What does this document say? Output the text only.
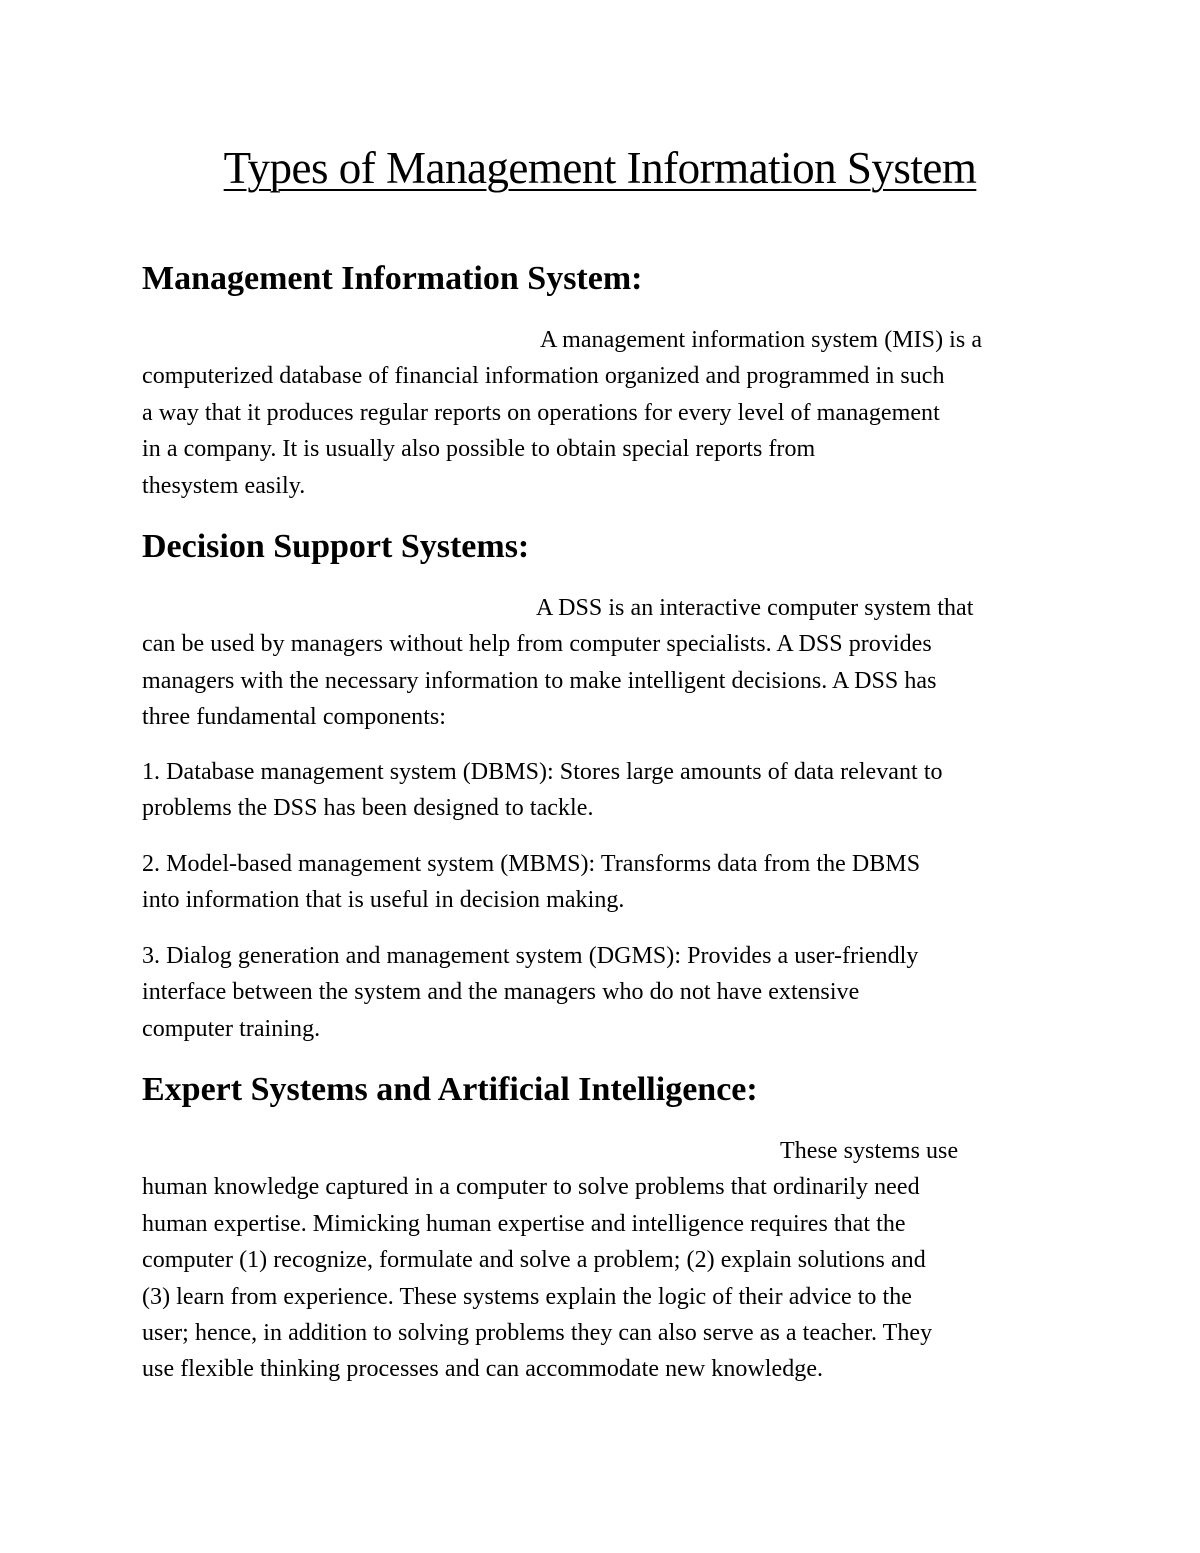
Types of Management Information System
Management Information System:

A management information system (MIS) is a
computerized database of financial information organized and programmed in such
a way that it produces regular reports on operations for every level of management
in a company. It is usually also possible to obtain special reports from
thesystem easily.

Decision Support Systems:

A DSS is an interactive computer system that
can be used by managers without help from computer specialists. A DSS provides
managers with the necessary information to make intelligent decisions. A DSS has
three fundamental components:

1. Database management system (DBMS): Stores large amounts of data relevant to
problems the DSS has been designed to tackle.

2. Model-based management system (MBMS): Transforms data from the DBMS
into information that is useful in decision making.

3. Dialog generation and management system (DGMS): Provides a user-friendly
interface between the system and the managers who do not have extensive
computer training.

Expert Systems and Artificial Intelligence:

These systems use
human knowledge captured in a computer to solve problems that ordinarily need
human expertise. Mimicking human expertise and intelligence requires that the
computer (1) recognize, formulate and solve a problem; (2) explain solutions and
(3) learn from experience. These systems explain the logic of their advice to the
user; hence, in addition to solving problems they can also serve as a teacher. They
use flexible thinking processes and can accommodate new knowledge.
